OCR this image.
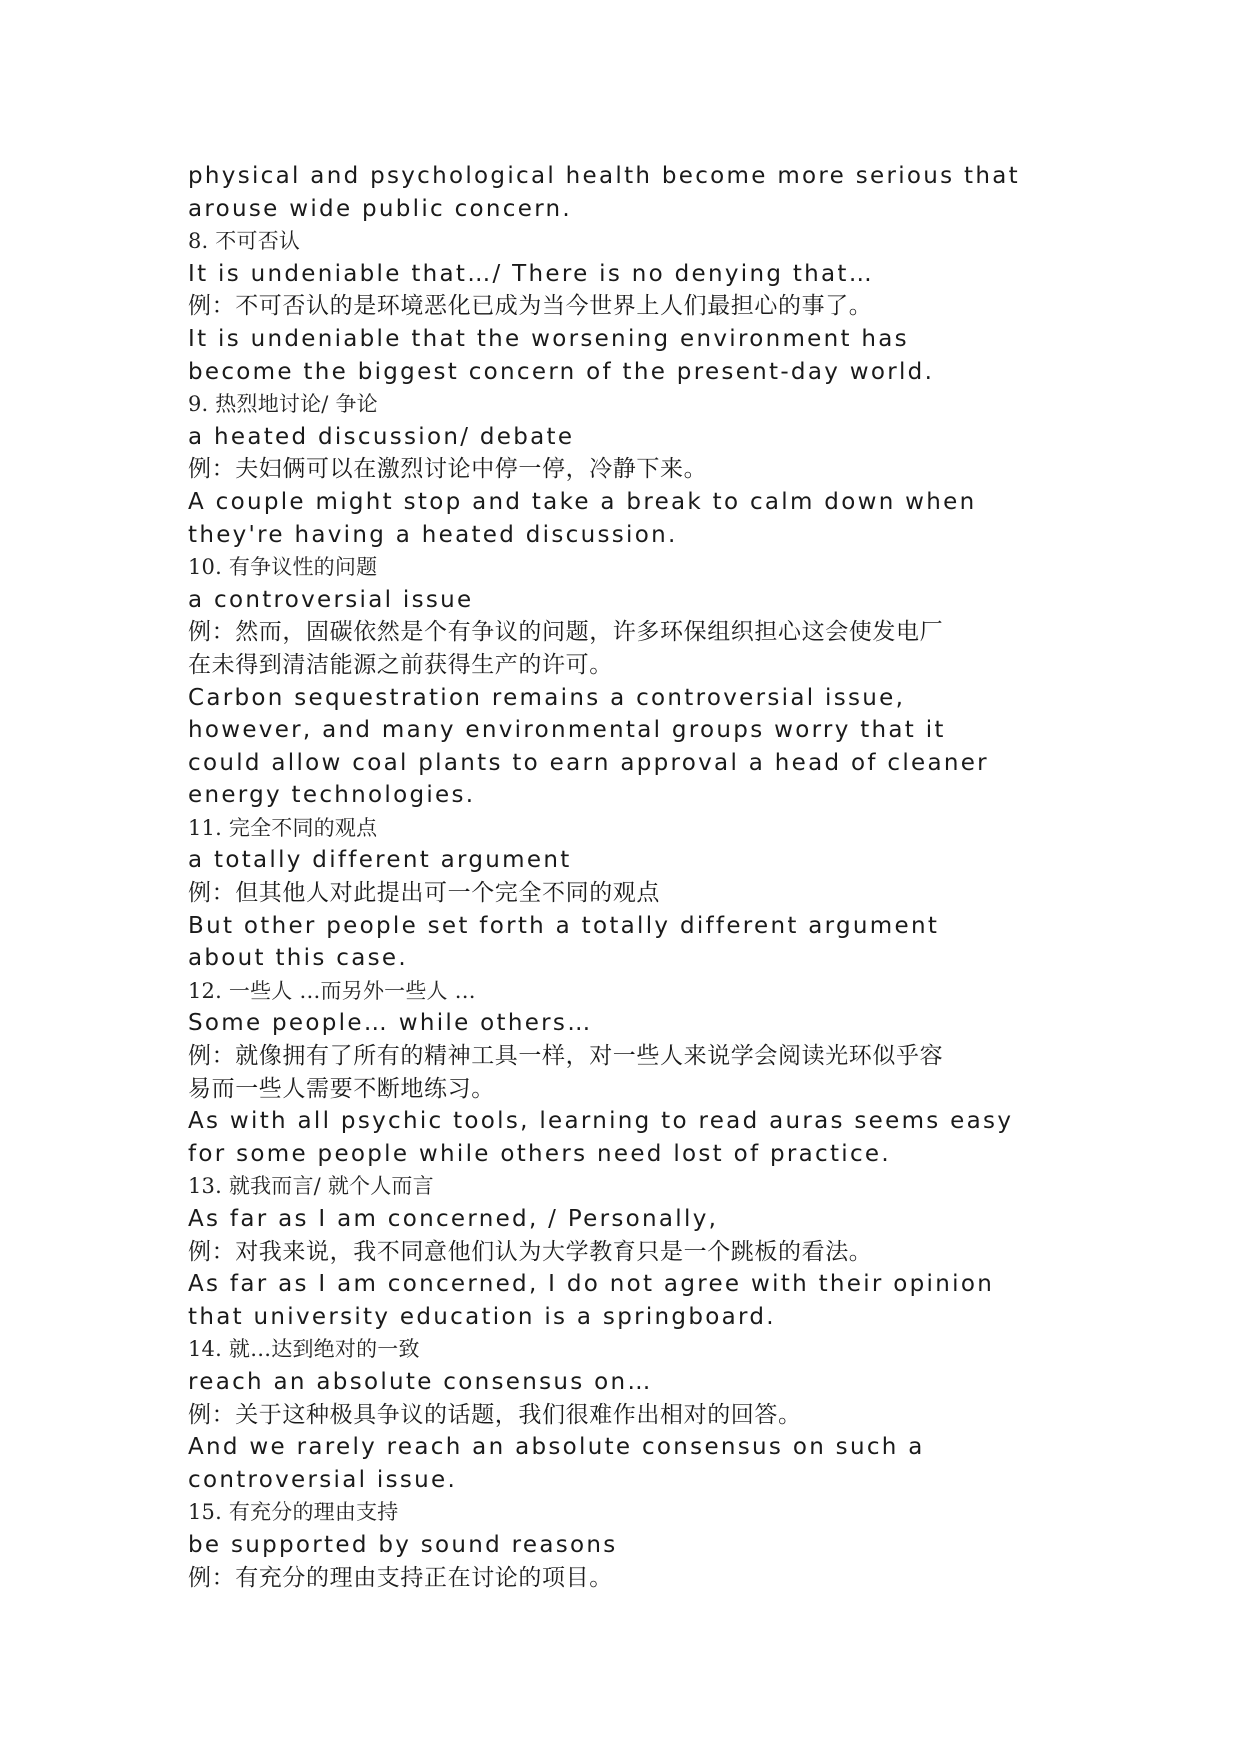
physical and psychological health become more serious that

arouse wide public concern.

8. 不可否认

It is undeniable that…/ There is no denying that…

例：不可否认的是环境恶化已成为当今世界上人们最担心的事了。

It is undeniable that the worsening environment has

become the biggest concern of the present-day world.

9. 热烈地讨论/ 争论

a heated discussion/ debate

例：夫妇俩可以在激烈讨论中停一停，冷静下来。

A couple might stop and take a break to calm down when

they're having a heated discussion.

10. 有争议性的问题

a controversial issue

例：然而，固碳依然是个有争议的问题，许多环保组织担心这会使发电厂

在未得到清洁能源之前获得生产的许可。

Carbon sequestration remains a controversial issue,

however, and many environmental groups worry that it

could allow coal plants to earn approval a head of cleaner

energy technologies.

11. 完全不同的观点

a totally different argument

例：但其他人对此提出可一个完全不同的观点

But other people set forth a totally different argument

about this case.

12. 一些人 …而另外一些人 …

Some people… while others…

例：就像拥有了所有的精神工具一样，对一些人来说学会阅读光环似乎容

易而一些人需要不断地练习。

As with all psychic tools, learning to read auras seems easy

for some people while others need lost of practice.

13. 就我而言/ 就个人而言

As far as I am concerned, / Personally,

例：对我来说，我不同意他们认为大学教育只是一个跳板的看法。

As far as I am concerned, I do not agree with their opinion

that university education is a springboard.

14. 就…达到绝对的一致

reach an absolute consensus on…

例：关于这种极具争议的话题，我们很难作出相对的回答。

And we rarely reach an absolute consensus on such a

controversial issue.

15. 有充分的理由支持

be supported by sound reasons

例：有充分的理由支持正在讨论的项目。
